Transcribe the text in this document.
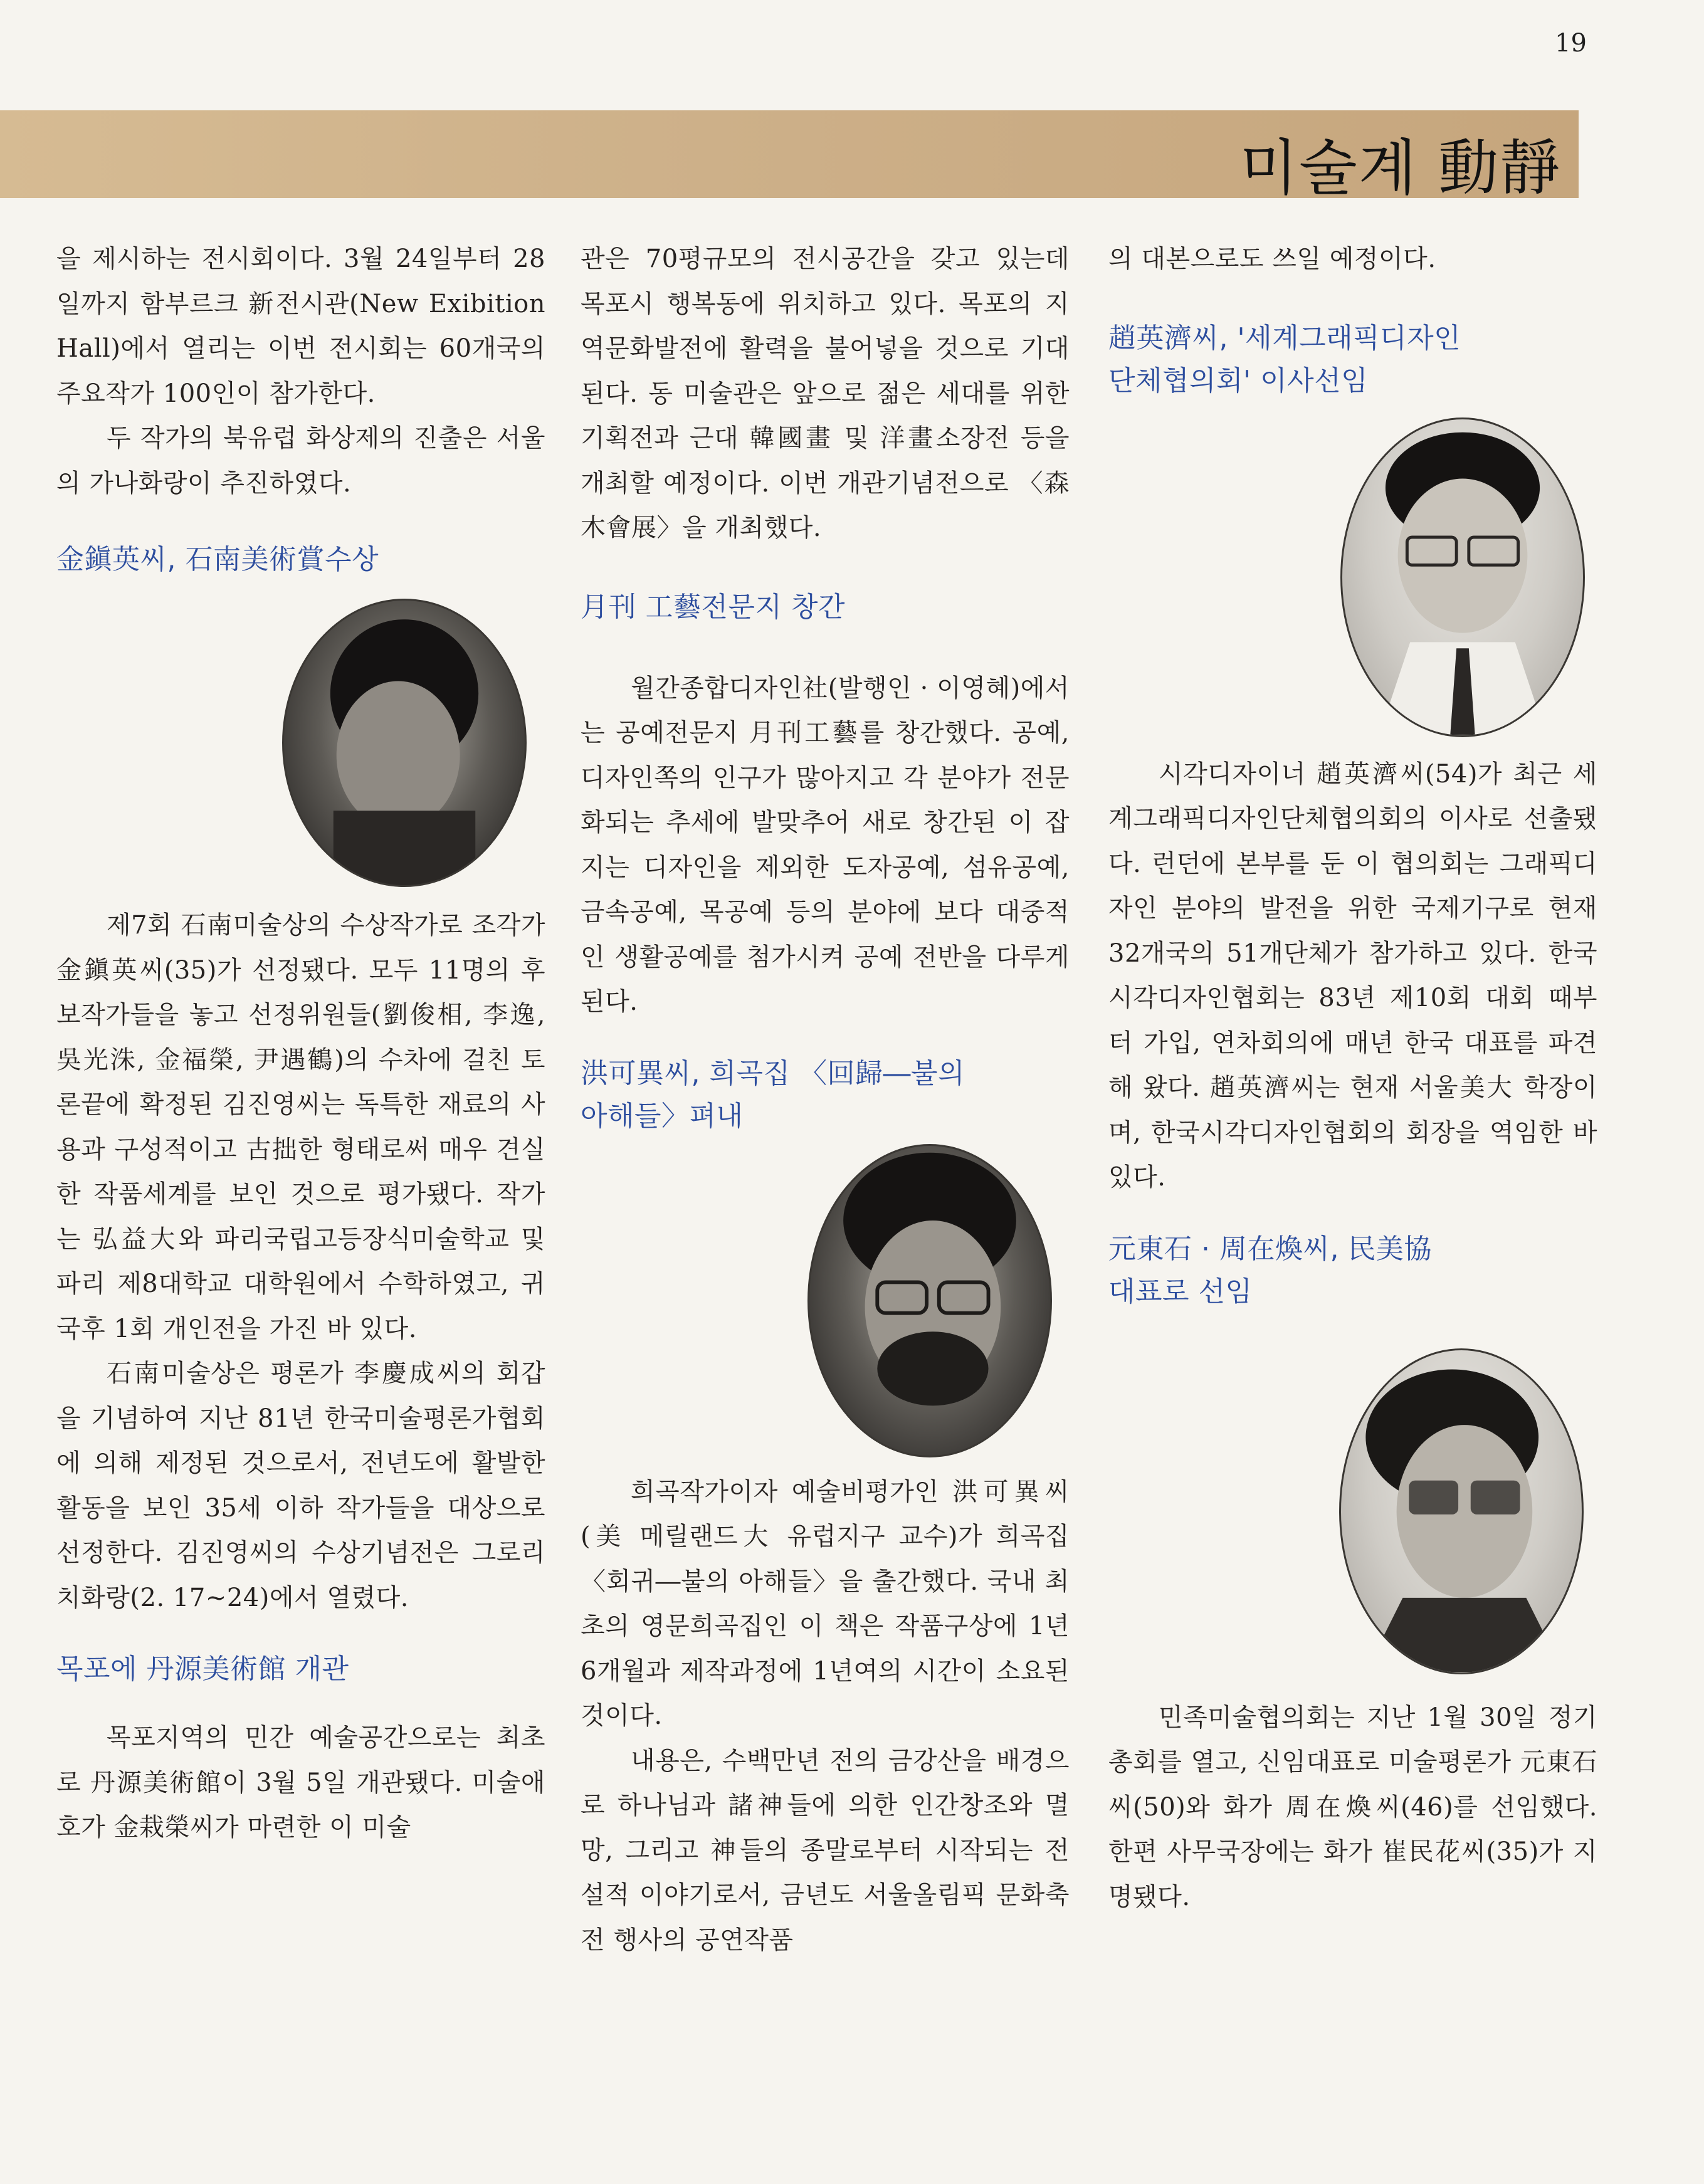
19
미술계 動靜

을 제시하는 전시회이다. 3월 24일부터 28일까지 함부르크 新전시관(New Exibition Hall)에서 열리는 이번 전시회는 60개국의 주요작가 100인이 참가한다.

두 작가의 북유럽 화상제의 진출은 서울의 가나화랑이 추진하였다.

金鎭英씨, 石南美術賞수상

제7회 石南미술상의 수상작가로 조각가 金鎭英씨(35)가 선정됐다. 모두 11명의 후보작가들을 놓고 선정위원들(劉俊相, 李逸, 吳光洙, 金福榮, 尹遇鶴)의 수차에 걸친 토론끝에 확정된 김진영씨는 독특한 재료의 사용과 구성적이고 古拙한 형태로써 매우 견실한 작품세계를 보인 것으로 평가됐다. 작가는 弘益大와 파리국립고등장식미술학교 및 파리 제8대학교 대학원에서 수학하였고, 귀국후 1회 개인전을 가진 바 있다.

石南미술상은 평론가 李慶成씨의 회갑을 기념하여 지난 81년 한국미술평론가협회에 의해 제정된 것으로서, 전년도에 활발한 활동을 보인 35세 이하 작가들을 대상으로 선정한다. 김진영씨의 수상기념전은 그로리치화랑(2. 17~24)에서 열렸다.

목포에 丹源美術館 개관

목포지역의 민간 예술공간으로는 최초로 丹源美術館이 3월 5일 개관됐다. 미술애호가 金栽榮씨가 마련한 이 미술

관은 70평규모의 전시공간을 갖고 있는데 목포시 행복동에 위치하고 있다. 목포의 지역문화발전에 활력을 불어넣을 것으로 기대된다. 동 미술관은 앞으로 젊은 세대를 위한 기획전과 근대 韓國畫 및 洋畫소장전 등을 개최할 예정이다. 이번 개관기념전으로 〈森木會展〉을 개최했다.

月刊 工藝전문지 창간

월간종합디자인社(발행인 · 이영혜)에서는 공예전문지 月刊工藝를 창간했다. 공예, 디자인쪽의 인구가 많아지고 각 분야가 전문화되는 추세에 발맞추어 새로 창간된 이 잡지는 디자인을 제외한 도자공예, 섬유공예, 금속공예, 목공예 등의 분야에 보다 대중적인 생활공예를 첨가시켜 공예 전반을 다루게 된다.

洪可異씨, 희곡집 〈回歸―불의

아해들〉펴내

희곡작가이자 예술비평가인 洪可異씨(美 메릴랜드大 유럽지구 교수)가 희곡집 〈회귀―불의 아해들〉을 출간했다. 국내 최초의 영문희곡집인 이 책은 작품구상에 1년 6개월과 제작과정에 1년여의 시간이 소요된 것이다.

내용은, 수백만년 전의 금강산을 배경으로 하나님과 諸神들에 의한 인간창조와 멸망, 그리고 神들의 종말로부터 시작되는 전설적 이야기로서, 금년도 서울올림픽 문화축전 행사의 공연작품

의 대본으로도 쓰일 예정이다.

趙英濟씨, '세계그래픽디자인

단체협의회' 이사선임

시각디자이너 趙英濟씨(54)가 최근 세계그래픽디자인단체협의회의 이사로 선출됐다. 런던에 본부를 둔 이 협의회는 그래픽디자인 분야의 발전을 위한 국제기구로 현재 32개국의 51개단체가 참가하고 있다. 한국시각디자인협회는 83년 제10회 대회 때부터 가입, 연차회의에 매년 한국 대표를 파견해 왔다. 趙英濟씨는 현재 서울美大 학장이며, 한국시각디자인협회의 회장을 역임한 바 있다.

元東石 · 周在煥씨, 民美協

대표로 선임

민족미술협의회는 지난 1월 30일 정기총회를 열고, 신임대표로 미술평론가 元東石씨(50)와 화가 周在煥씨(46)를 선임했다. 한편 사무국장에는 화가 崔民花씨(35)가 지명됐다.
